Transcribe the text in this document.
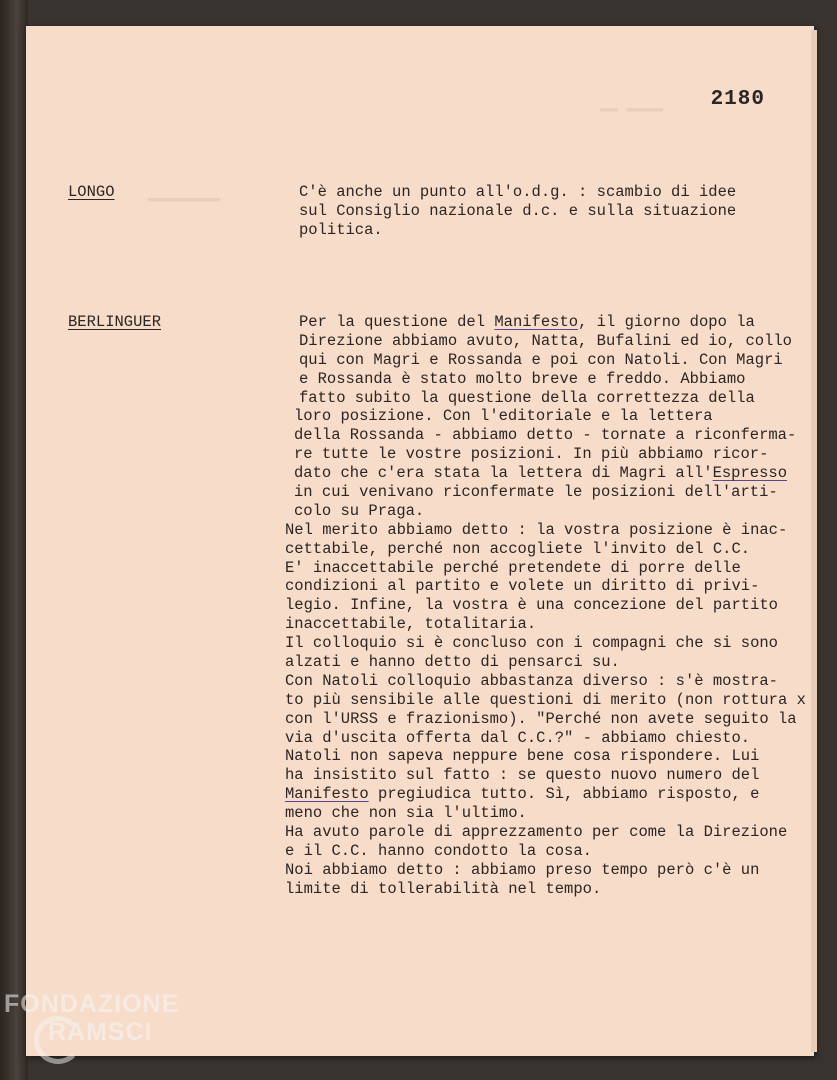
2180
LONGO	C'è anche un punto all'o.d.g. : scambio di idee
sul Consiglio nazionale d.c. e sulla situazione
politica.
BERLINGUER	Per la questione del Manifesto, il giorno dopo la
Direzione abbiamo avuto, Natta, Bufalini ed io, collo
qui con Magri e Rossanda e poi con Natoli. Con Magri
e Rossanda è stato molto breve e freddo. Abbiamo
fatto subito la questione della correttezza della
loro posizione. Con l'editoriale e la lettera
della Rossanda - abbiamo detto - tornate a riconferma-
re tutte le vostre posizioni. In più abbiamo ricor-
dato che c'era stata la lettera di Magri all'Espresso
in cui venivano riconfermate le posizioni dell'arti-
colo su Praga.
Nel merito abbiamo detto : la vostra posizione è inac-
cettabile, perché non accogliete l'invito del C.C.
E' inaccettabile perché pretendete di porre delle
condizioni al partito e volete un diritto di privi-
legio. Infine, la vostra è una concezione del partito
inaccettabile, totalitaria.
Il colloquio si è concluso con i compagni che si sono
alzati e hanno detto di pensarci su.
Con Natoli colloquio abbastanza diverso : s'è mostra-
to più sensibile alle questioni di merito (non rottura x
con l'URSS e frazionismo). "Perché non avete seguito la
via d'uscita offerta dal C.C.?" - abbiamo chiesto.
Natoli non sapeva neppure bene cosa rispondere. Lui
ha insistito sul fatto : se questo nuovo numero del
Manifesto pregiudica tutto. Sì, abbiamo risposto, e
meno che non sia l'ultimo.
Ha avuto parole di apprezzamento per come la Direzione
e il C.C. hanno condotto la cosa.
Noi abbiamo detto : abbiamo preso tempo però c'è un
limite di tollerabilità nel tempo.
FONDAZIONE
RAMSCI
